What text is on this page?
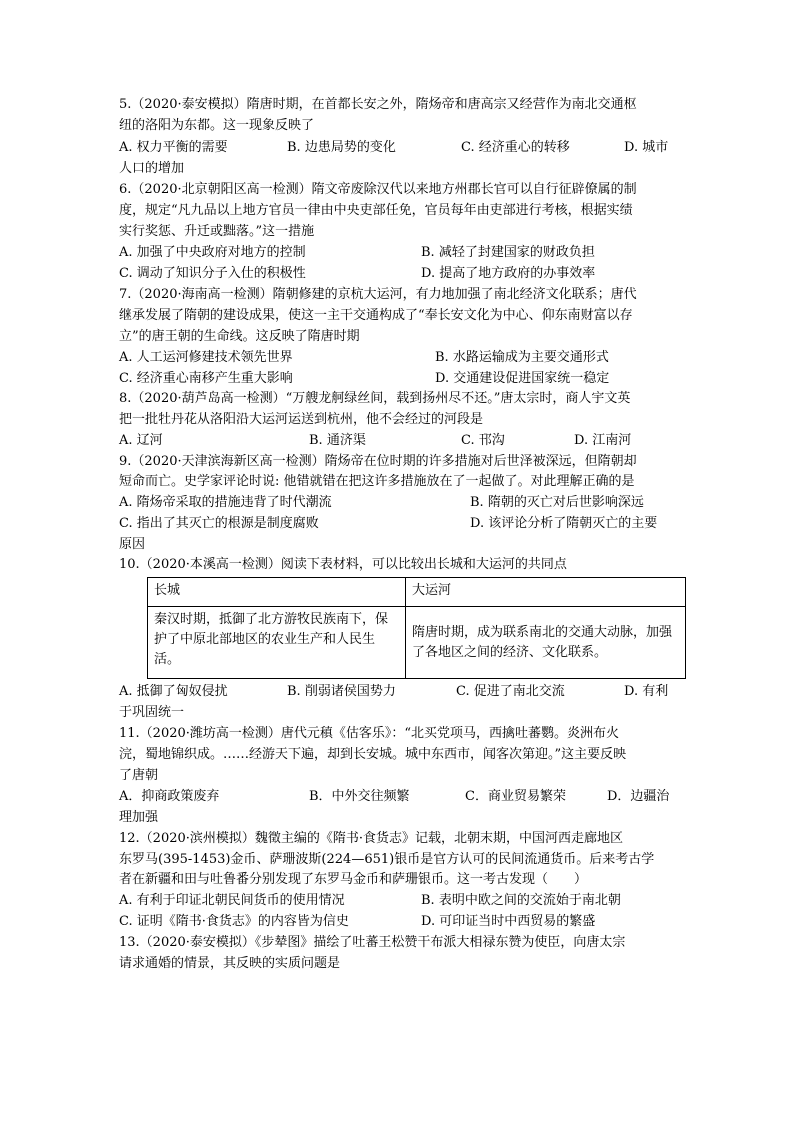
5.（2020·泰安模拟）隋唐时期，在首都长安之外，隋炀帝和唐高宗又经营作为南北交通枢
纽的洛阳为东都。这一现象反映了
A. 权力平衡的需要	B. 边患局势的变化	C. 经济重心的转移	D. 城市
人口的增加
6.（2020·北京朝阳区高一检测）隋文帝废除汉代以来地方州郡长官可以自行征辟僚属的制
度，规定“凡九品以上地方官员一律由中央吏部任免，官员每年由吏部进行考核，根据实绩
实行奖惩、升迁或黜落。”这一措施
A. 加强了中央政府对地方的控制	B. 减轻了封建国家的财政负担
C. 调动了知识分子入仕的积极性	D. 提高了地方政府的办事效率
7.（2020·海南高一检测）隋朝修建的京杭大运河，有力地加强了南北经济文化联系；唐代
继承发展了隋朝的建设成果，使这一主干交通构成了“奉长安文化为中心、仰东南财富以存
立”的唐王朝的生命线。这反映了隋唐时期
A. 人工运河修建技术领先世界	B. 水路运输成为主要交通形式
C. 经济重心南移产生重大影响	D. 交通建设促进国家统一稳定
8.（2020·葫芦岛高一检测）“万艘龙舸绿丝间，载到扬州尽不还。”唐太宗时，商人宇文英
把一批牡丹花从洛阳沿大运河运送到杭州，他不会经过的河段是
A. 辽河	B. 通济渠	C. 邗沟	D. 江南河
9.（2020·天津滨海新区高一检测）隋炀帝在位时期的许多措施对后世泽被深远，但隋朝却
短命而亡。史学家评论时说: 他错就错在把这许多措施放在了一起做了。对此理解正确的是
A. 隋炀帝采取的措施违背了时代潮流	B. 隋朝的灭亡对后世影响深远
C. 指出了其灭亡的根源是制度腐败	D. 该评论分析了隋朝灭亡的主要
原因
10.（2020·本溪高一检测）阅读下表材料，可以比较出长城和大运河的共同点
长城	大运河
秦汉时期，抵御了北方游牧民族南下，保护了中原北部地区的农业生产和人民生活。	隋唐时期，成为联系南北的交通大动脉，加强了各地区之间的经济、文化联系。
A. 抵御了匈奴侵扰	B. 削弱诸侯国势力	C. 促进了南北交流	D. 有利
于巩固统一
11.（2020·潍坊高一检测）唐代元稹《估客乐》：“北买党项马，西擒吐蕃鹦。炎洲布火
浣，蜀地锦织成。……经游天下遍，却到长安城。城中东西市，闻客次第迎。”这主要反映
了唐朝
A．抑商政策废弃	B．中外交往频繁	C．商业贸易繁荣	D．边疆治
理加强
12.（2020·滨州模拟）魏徵主编的《隋书·食货志》记载，北朝末期，中国河西走廊地区
东罗马(395-1453)金币、萨珊波斯(224—651)银币是官方认可的民间流通货币。后来考古学
者在新疆和田与吐鲁番分别发现了东罗马金币和萨珊银币。这一考古发现（　　）
A. 有利于印证北朝民间货币的使用情况	B. 表明中欧之间的交流始于南北朝
C. 证明《隋书·食货志》的内容皆为信史	D. 可印证当时中西贸易的繁盛
13.（2020·泰安模拟）《步辇图》描绘了吐蕃王松赞干布派大相禄东赞为使臣，向唐太宗
请求通婚的情景，其反映的实质问题是
